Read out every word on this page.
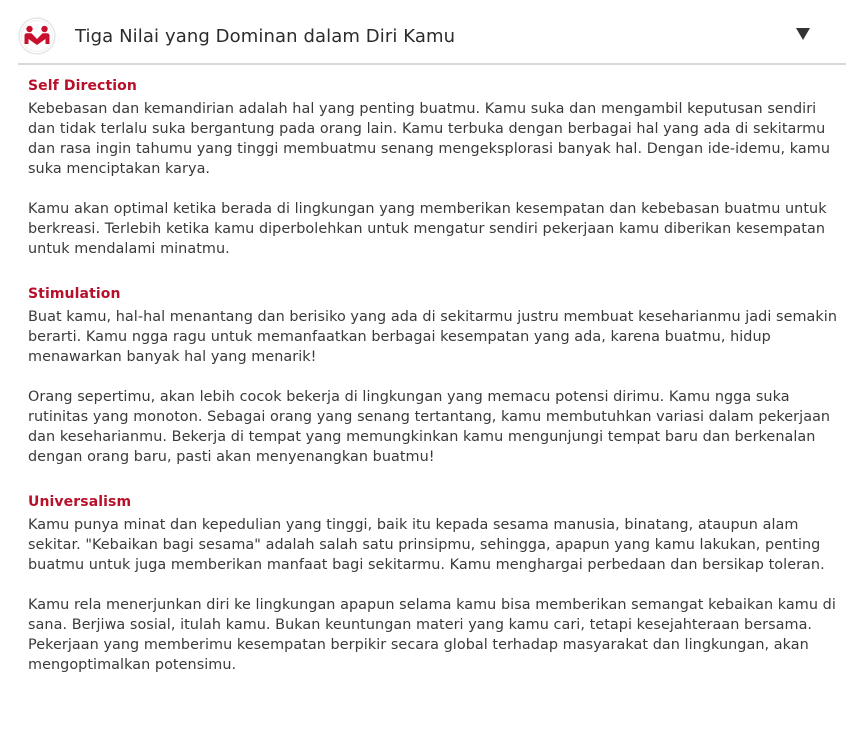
Tiga Nilai yang Dominan dalam Diri Kamu
Self Direction

Kebebasan dan kemandirian adalah hal yang penting buatmu. Kamu suka dan mengambil keputusan sendiri dan tidak terlalu suka bergantung pada orang lain. Kamu terbuka dengan berbagai hal yang ada di sekitarmu dan rasa ingin tahumu yang tinggi membuatmu senang mengeksplorasi banyak hal. Dengan ide-idemu, kamu suka menciptakan karya.

Kamu akan optimal ketika berada di lingkungan yang memberikan kesempatan dan kebebasan buatmu untuk berkreasi. Terlebih ketika kamu diperbolehkan untuk mengatur sendiri pekerjaan kamu diberikan kesempatan untuk mendalami minatmu.

Stimulation

Buat kamu, hal-hal menantang dan berisiko yang ada di sekitarmu justru membuat keseharianmu jadi semakin berarti. Kamu ngga ragu untuk memanfaatkan berbagai kesempatan yang ada, karena buatmu, hidup menawarkan banyak hal yang menarik!

Orang sepertimu, akan lebih cocok bekerja di lingkungan yang memacu potensi dirimu. Kamu ngga suka rutinitas yang monoton. Sebagai orang yang senang tertantang, kamu membutuhkan variasi dalam pekerjaan dan keseharianmu. Bekerja di tempat yang memungkinkan kamu mengunjungi tempat baru dan berkenalan dengan orang baru, pasti akan menyenangkan buatmu!

Universalism

Kamu punya minat dan kepedulian yang tinggi, baik itu kepada sesama manusia, binatang, ataupun alam sekitar. "Kebaikan bagi sesama" adalah salah satu prinsipmu, sehingga, apapun yang kamu lakukan, penting buatmu untuk juga memberikan manfaat bagi sekitarmu. Kamu menghargai perbedaan dan bersikap toleran.

Kamu rela menerjunkan diri ke lingkungan apapun selama kamu bisa memberikan semangat kebaikan kamu di sana. Berjiwa sosial, itulah kamu. Bukan keuntungan materi yang kamu cari, tetapi kesejahteraan bersama. Pekerjaan yang memberimu kesempatan berpikir secara global terhadap masyarakat dan lingkungan, akan mengoptimalkan potensimu.
